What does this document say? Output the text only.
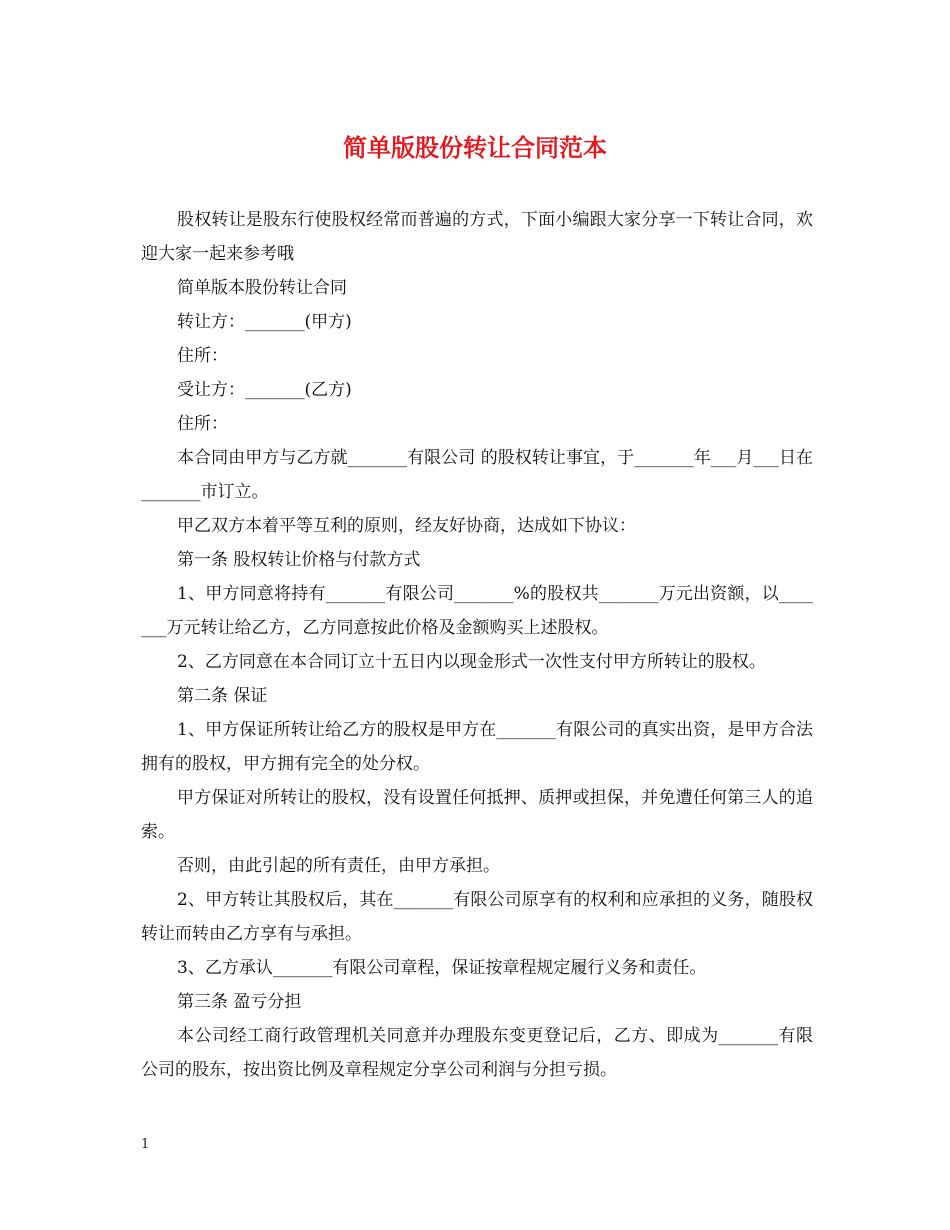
简单版股份转让合同范本

股权转让是股东行使股权经常而普遍的方式，下面小编跟大家分享一下转让合同，欢迎大家一起来参考哦

简单版本股份转让合同

转让方：_______(甲方)

住所：

受让方：_______(乙方)

住所：

本合同由甲方与乙方就_______有限公司 的股权转让事宜，于_______年___月___日在_______市订立。

甲乙双方本着平等互利的原则，经友好协商，达成如下协议：

第一条 股权转让价格与付款方式

1、甲方同意将持有_______有限公司_______%的股权共_______万元出资额，以_______万元转让给乙方，乙方同意按此价格及金额购买上述股权。

2、乙方同意在本合同订立十五日内以现金形式一次性支付甲方所转让的股权。

第二条 保证

1、甲方保证所转让给乙方的股权是甲方在_______有限公司的真实出资，是甲方合法拥有的股权，甲方拥有完全的处分权。

甲方保证对所转让的股权，没有设置任何抵押、质押或担保，并免遭任何第三人的追索。

否则，由此引起的所有责任，由甲方承担。

2、甲方转让其股权后，其在_______有限公司原享有的权利和应承担的义务，随股权转让而转由乙方享有与承担。

3、乙方承认_______有限公司章程，保证按章程规定履行义务和责任。

第三条 盈亏分担

本公司经工商行政管理机关同意并办理股东变更登记后，乙方、即成为_______有限公司的股东，按出资比例及章程规定分享公司利润与分担亏损。

1
